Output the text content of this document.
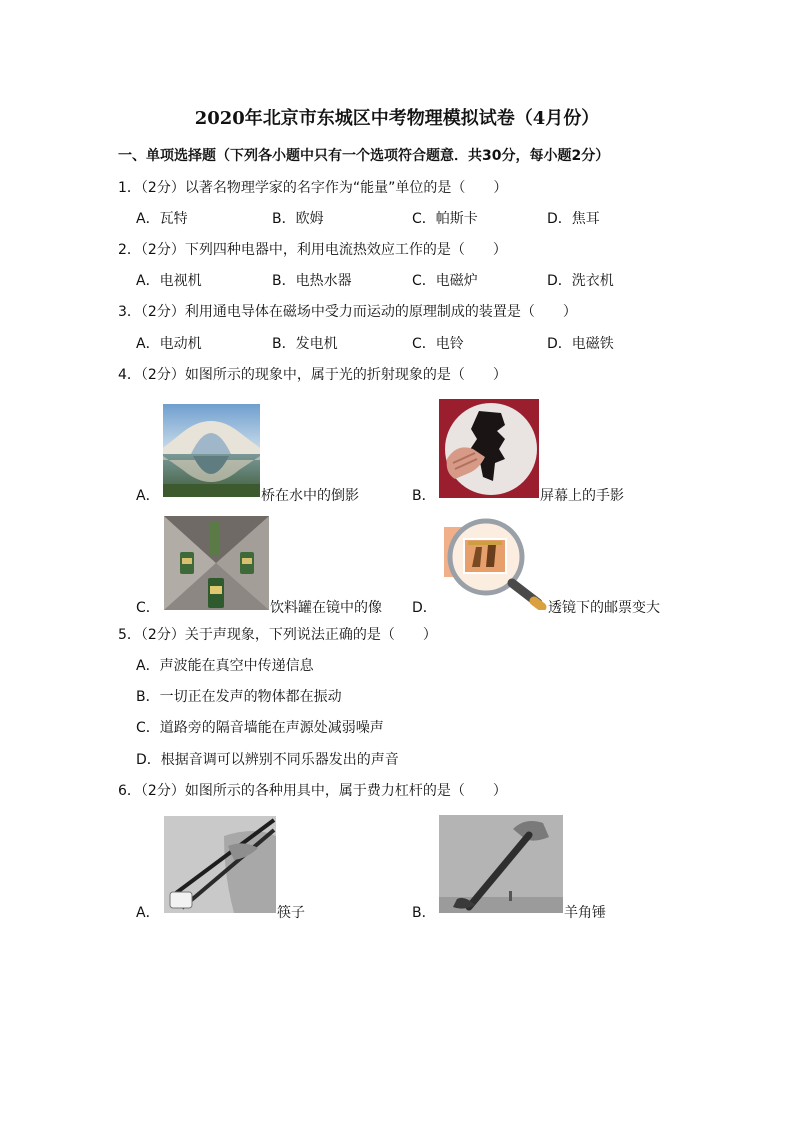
2020年北京市东城区中考物理模拟试卷（4月份）
一、单项选择题（下列各小题中只有一个选项符合题意．共30分，每小题2分）
1．（2分）以著名物理学家的名字作为“能量”单位的是（　　）
A．瓦特	B．欧姆	C．帕斯卡	D．焦耳
2．（2分）下列四种电器中，利用电流热效应工作的是（　　）
A．电视机	B．电热水器	C．电磁炉	D．洗衣机
3．（2分）利用通电导体在磁场中受力而运动的原理制成的装置是（　　）
A．电动机	B．发电机	C．电铃	D．电磁铁
4．（2分）如图所示的现象中，属于光的折射现象的是（　　）
A．	桥在水中的倒影	B．	屏幕上的手影
C．	饮料罐在镜中的像 D．	透镜下的邮票变大
5．（2分）关于声现象，下列说法正确的是（　　）
A．声波能在真空中传递信息
B．一切正在发声的物体都在振动
C．道路旁的隔音墙能在声源处减弱噪声
D．根据音调可以辨别不同乐器发出的声音
6．（2分）如图所示的各种用具中，属于费力杠杆的是（　　）
A．	筷子	B．	羊角锤
